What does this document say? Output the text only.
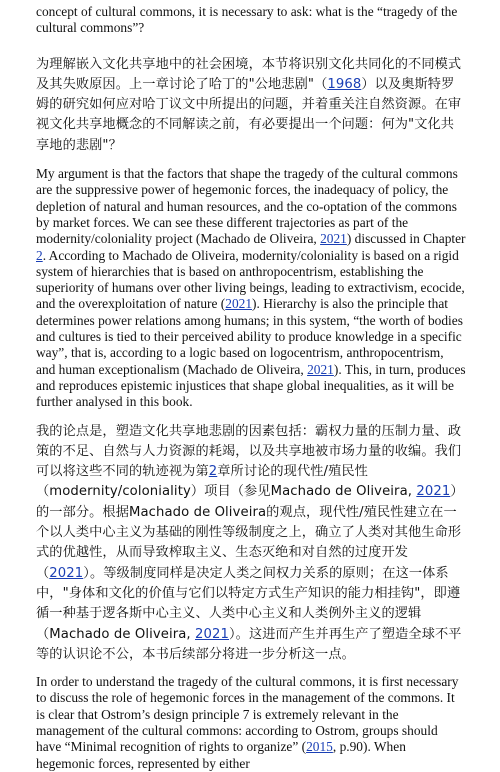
concept of cultural commons, it is necessary to ask: what is the “tragedy of the cultural commons”?

为理解嵌入文化共享地中的社会困境，本节将识别文化共同化的不同模式及其失败原因。上一章讨论了哈丁的"公地悲剧"（1968）以及奥斯特罗姆的研究如何应对哈丁议文中所提出的问题，并着重关注自然资源。在审视文化共享地概念的不同解读之前，有必要提出一个问题：何为"文化共享地的悲剧"？

My argument is that the factors that shape the tragedy of the cultural commons are the suppressive power of hegemonic forces, the inadequacy of policy, the depletion of natural and human resources, and the co-optation of the commons by market forces. We can see these different trajectories as part of the modernity/coloniality project (Machado de Oliveira, 2021) discussed in Chapter 2. According to Machado de Oliveira, modernity/coloniality is based on a rigid system of hierarchies that is based on anthropocentrism, establishing the superiority of humans over other living beings, leading to extractivism, ecocide, and the overexploitation of nature (2021). Hierarchy is also the principle that determines power relations among humans; in this system, “the worth of bodies and cultures is tied to their perceived ability to produce knowledge in a specific way”, that is, according to a logic based on logocentrism, anthropocentrism, and human exceptionalism (Machado de Oliveira, 2021). This, in turn, produces and reproduces epistemic injustices that shape global inequalities, as it will be further analysed in this book.

我的论点是，塑造文化共享地悲剧的因素包括：霸权力量的压制力量、政策的不足、自然与人力资源的耗竭，以及共享地被市场力量的收编。我们可以将这些不同的轨迹视为第2章所讨论的现代性/殖民性（modernity/coloniality）项目（参见Machado de Oliveira, 2021）的一部分。根据Machado de Oliveira的观点，现代性/殖民性建立在一个以人类中心主义为基础的刚性等级制度之上，确立了人类对其他生命形式的优越性，从而导致榨取主义、生态灭绝和对自然的过度开发（2021）。等级制度同样是决定人类之间权力关系的原则；在这一体系中，"身体和文化的价值与它们以特定方式生产知识的能力相挂钩"，即遵循一种基于逻各斯中心主义、人类中心主义和人类例外主义的逻辑（Machado de Oliveira, 2021）。这进而产生并再生产了塑造全球不平等的认识论不公，本书后续部分将进一步分析这一点。

In order to understand the tragedy of the cultural commons, it is first necessary to discuss the role of hegemonic forces in the management of the commons. It is clear that Ostrom’s design principle 7 is extremely relevant in the management of the cultural commons: according to Ostrom, groups should have “Minimal recognition of rights to organize” (2015, p.90). When hegemonic forces, represented by either
